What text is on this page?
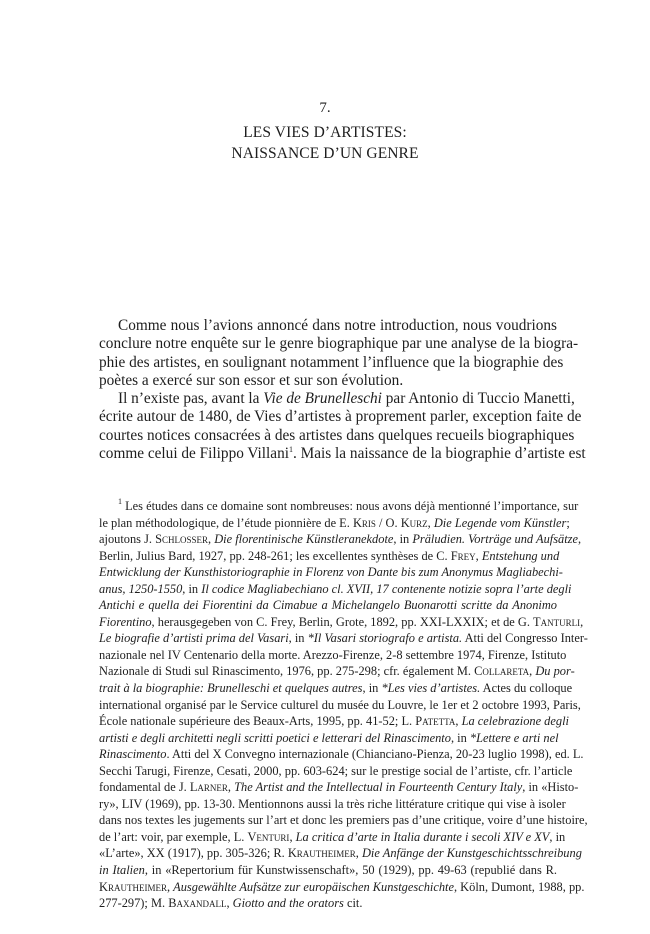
7.
LES VIES D’ARTISTES:
NAISSANCE D’UN GENRE
Comme nous l’avions annoncé dans notre introduction, nous voudrions
conclure notre enquête sur le genre biographique par une analyse de la biogra-
phie des artistes, en soulignant notamment l’influence que la biographie des
poètes a exercé sur son essor et sur son évolution.
Il n’existe pas, avant la Vie de Brunelleschi par Antonio di Tuccio Manetti,
écrite autour de 1480, de Vies d’artistes à proprement parler, exception faite de
courtes notices consacrées à des artistes dans quelques recueils biographiques
comme celui de Filippo Villani$^1$. Mais la naissance de la biographie d’artiste est
$^1$ Les études dans ce domaine sont nombreuses: nous avons déjà mentionné l’importance, sur
le plan méthodologique, de l’étude pionnière de E. Kris / O. Kurz, Die Legende vom Künstler;
ajoutons J. Schlosser, Die florentinische Künstleranekdote, in Präludien. Vorträge und Aufsätze,
Berlin, Julius Bard, 1927, pp. 248-261; les excellentes synthèses de C. Frey, Entstehung und
Entwicklung der Kunsthistoriographie in Florenz von Dante bis zum Anonymus Magliabechi-
anus, 1250-1550, in Il codice Magliabechiano cl. XVII, 17 contenente notizie sopra l’arte degli
Antichi e quella dei Fiorentini da Cimabue a Michelangelo Buonarotti scritte da Anonimo
Fiorentino, herausgegeben von C. Frey, Berlin, Grote, 1892, pp. XXI-LXXIX; et de G. Tanturli,
Le biografie d’artisti prima del Vasari, in *Il Vasari storiografo e artista. Atti del Congresso Inter-
nazionale nel IV Centenario della morte. Arezzo-Firenze, 2-8 settembre 1974, Firenze, Istituto
Nazionale di Studi sul Rinascimento, 1976, pp. 275-298; cfr. également M. Collareta, Du por-
trait à la biographie: Brunelleschi et quelques autres, in *Les vies d’artistes. Actes du colloque
international organisé par le Service culturel du musée du Louvre, le 1er et 2 octobre 1993, Paris,
École nationale supérieure des Beaux-Arts, 1995, pp. 41-52; L. Patetta, La celebrazione degli
artisti e degli architetti negli scritti poetici e letterari del Rinascimento, in *Lettere e arti nel
Rinascimento. Atti del X Convegno internazionale (Chianciano-Pienza, 20-23 luglio 1998), ed. L.
Secchi Tarugi, Firenze, Cesati, 2000, pp. 603-624; sur le prestige social de l’artiste, cfr. l’article
fondamental de J. Larner, The Artist and the Intellectual in Fourteenth Century Italy, in «Histo-
ry», LIV (1969), pp. 13-30. Mentionnons aussi la très riche littérature critique qui vise à isoler
dans nos textes les jugements sur l’art et donc les premiers pas d’une critique, voire d’une histoire,
de l’art: voir, par exemple, L. Venturi, La critica d’arte in Italia durante i secoli XIV e XV, in
«L’arte», XX (1917), pp. 305-326; R. Krautheimer, Die Anfänge der Kunstgeschichtsschreibung
in Italien, in «Repertorium für Kunstwissenschaft», 50 (1929), pp. 49-63 (republié dans R.
Krautheimer, Ausgewählte Aufsätze zur europäischen Kunstgeschichte, Köln, Dumont, 1988, pp.
277-297); M. Baxandall, Giotto and the orators cit.
